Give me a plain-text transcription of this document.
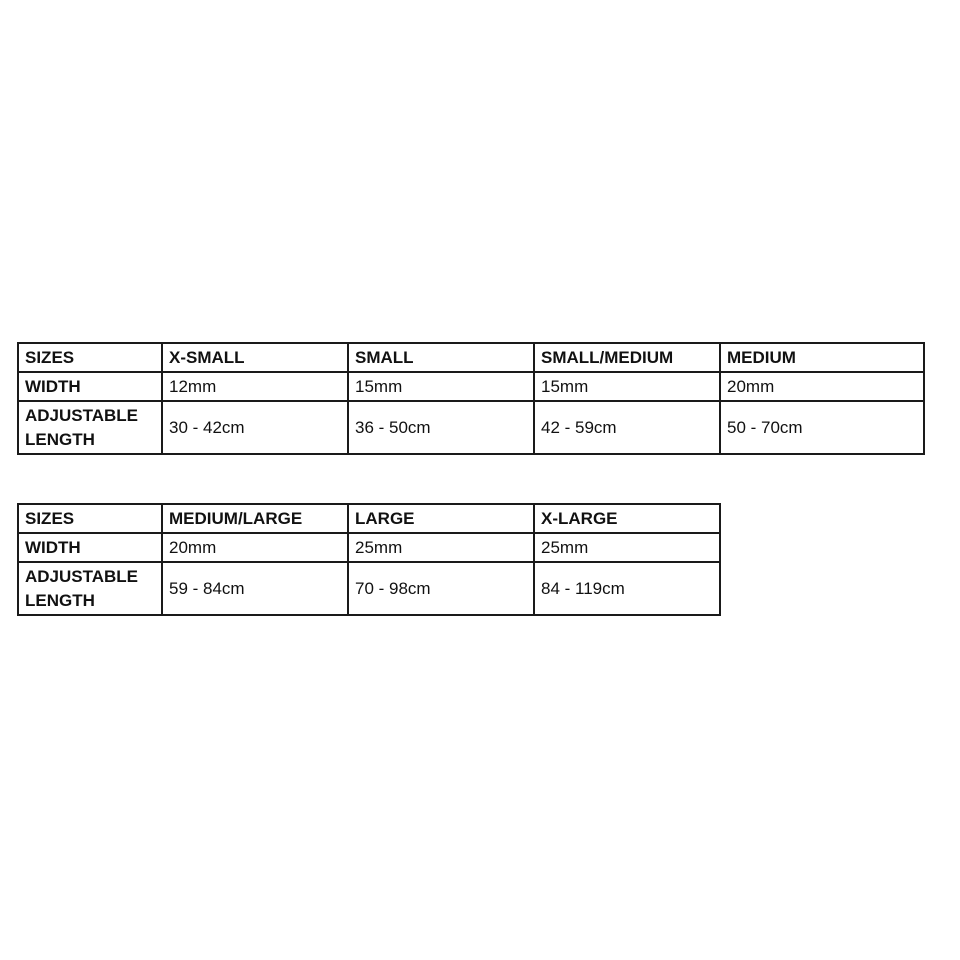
SIZES	X-SMALL	SMALL	SMALL/MEDIUM	MEDIUM
WIDTH	12mm	15mm	15mm	20mm
ADJUSTABLE LENGTH	30 - 42cm	36 - 50cm	42 - 59cm	50 - 70cm
SIZES	MEDIUM/LARGE	LARGE	X-LARGE
WIDTH	20mm	25mm	25mm
ADJUSTABLE LENGTH	59 - 84cm	70 - 98cm	84 - 119cm
